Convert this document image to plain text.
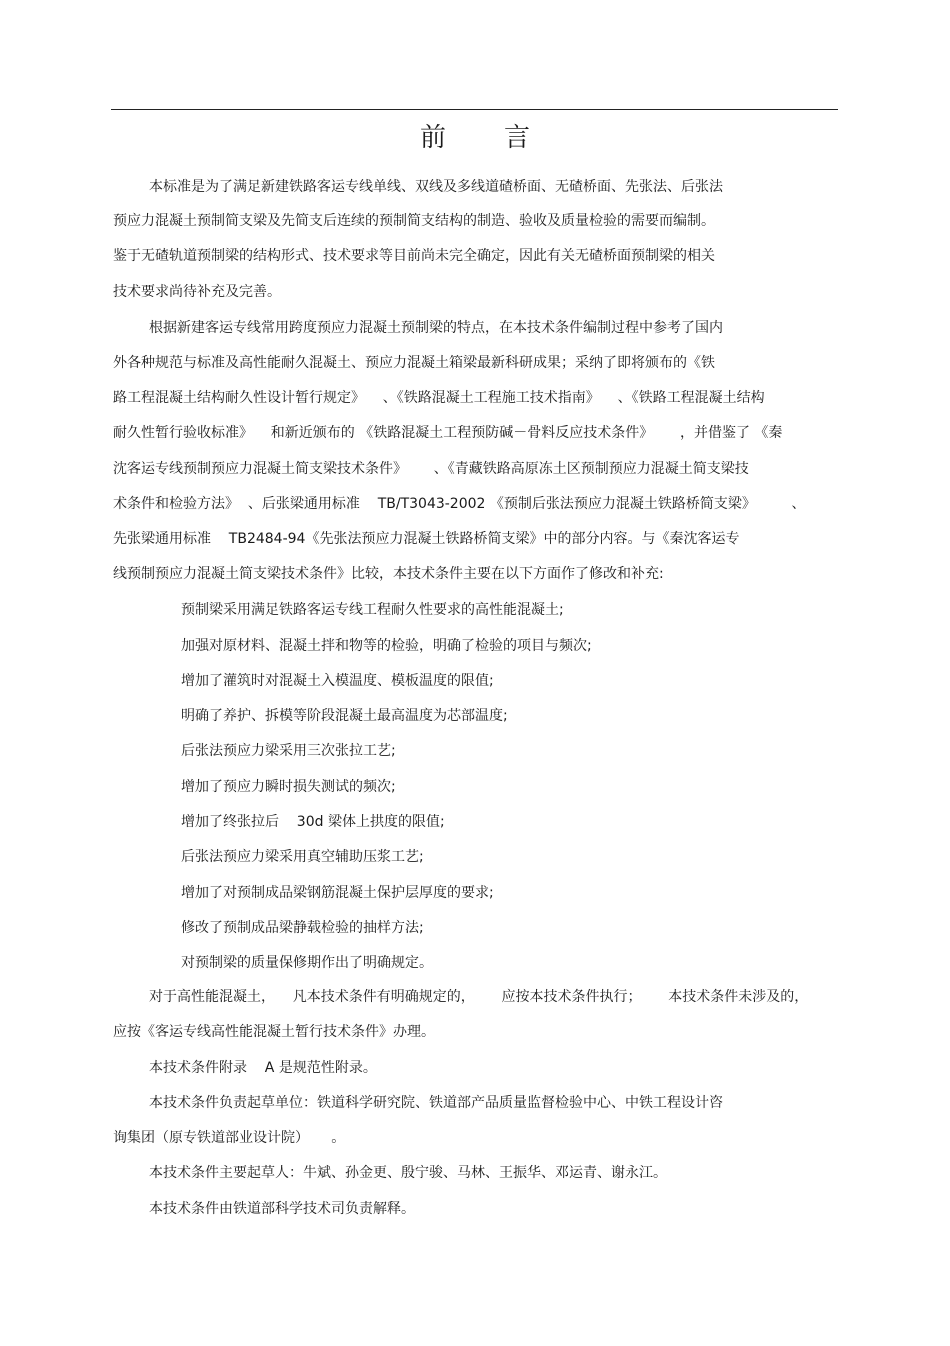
前言
本标准是为了满足新建铁路客运专线单线、双线及多线道碴桥面、无碴桥面、先张法、后张法
预应力混凝土预制简支梁及先简支后连续的预制简支结构的制造、验收及质量检验的需要而编制。
鉴于无碴轨道预制梁的结构形式、技术要求等目前尚未完全确定，因此有关无碴桥面预制梁的相关
技术要求尚待补充及完善。
根据新建客运专线常用跨度预应力混凝土预制梁的特点，在本技术条件编制过程中参考了国内
外各种规范与标准及高性能耐久混凝土、预应力混凝土箱梁最新科研成果；采纳了即将颁布的《铁
路工程混凝土结构耐久性设计暂行规定》    、《铁路混凝土工程施工技术指南》    、《铁路工程混凝土结构
耐久性暂行验收标准》    和新近颁布的 《铁路混凝土工程预防碱－骨料反应技术条件》      ，并借鉴了 《秦
沈客运专线预制预应力混凝土简支梁技术条件》      、《青藏铁路高原冻土区预制预应力混凝土简支梁技
术条件和检验方法》  、后张梁通用标准    TB/T3043-2002 《预制后张法预应力混凝土铁路桥简支梁》        、
先张梁通用标准    TB2484-94《先张法预应力混凝土铁路桥简支梁》中的部分内容。与《秦沈客运专
线预制预应力混凝土简支梁技术条件》比较，本技术条件主要在以下方面作了修改和补充:
预制梁采用满足铁路客运专线工程耐久性要求的高性能混凝土;
加强对原材料、混凝土拌和物等的检验，明确了检验的项目与频次;
增加了灌筑时对混凝土入模温度、模板温度的限值;
明确了养护、拆模等阶段混凝土最高温度为芯部温度;
后张法预应力梁采用三次张拉工艺;
增加了预应力瞬时损失测试的频次;
增加了终张拉后    30d 梁体上拱度的限值;
后张法预应力梁采用真空辅助压浆工艺;
增加了对预制成品梁钢筋混凝土保护层厚度的要求;
修改了预制成品梁静载检验的抽样方法;
对预制梁的质量保修期作出了明确规定。
对于高性能混凝土，    凡本技术条件有明确规定的，      应按本技术条件执行；      本技术条件未涉及的，
应按《客运专线高性能混凝土暂行技术条件》办理。
本技术条件附录    A 是规范性附录。
本技术条件负责起草单位：铁道科学研究院、铁道部产品质量监督检验中心、中铁工程设计咨
询集团（原专铁道部业设计院）     。
本技术条件主要起草人：牛斌、孙金更、殷宁骏、马林、王振华、邓运青、谢永江。
本技术条件由铁道部科学技术司负责解释。
